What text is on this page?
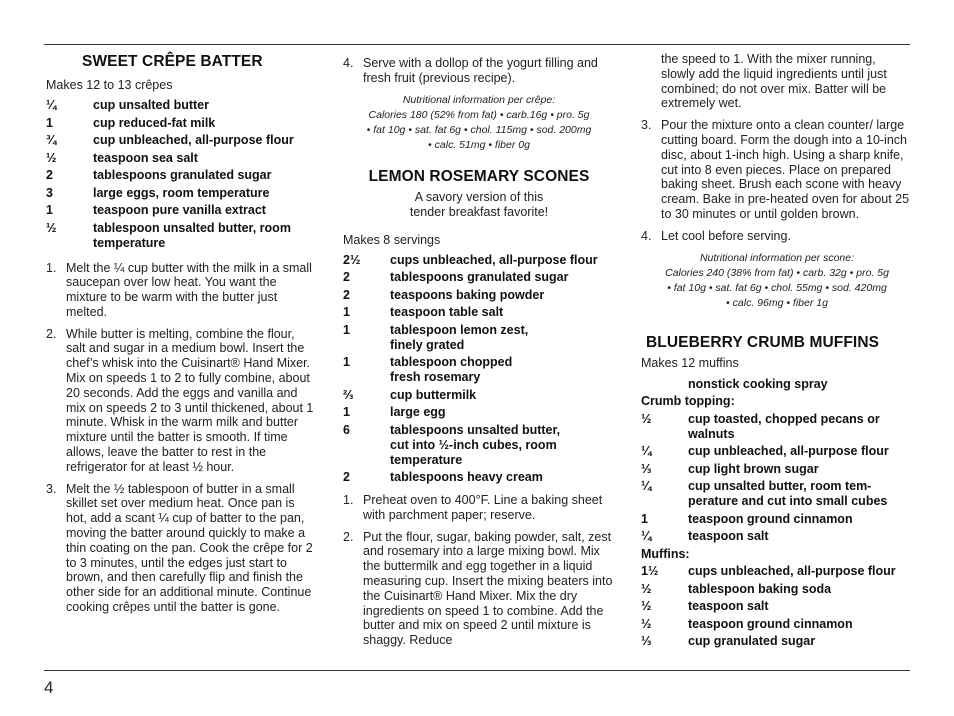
SWEET CRÊPE BATTER
Makes 12 to 13 crêpes
¼	cup unsalted butter
1	cup reduced-fat milk
¾	cup unbleached, all-purpose flour
½	teaspoon sea salt
2	tablespoons granulated sugar
3	large eggs, room temperature
1	teaspoon pure vanilla extract
½	tablespoon unsalted butter, room temperature
1. Melt the ¼ cup butter with the milk in a small saucepan over low heat. You want the mixture to be warm with the butter just melted.
2. While butter is melting, combine the flour, salt and sugar in a medium bowl. Insert the chef’s whisk into the Cuisinart® Hand Mixer. Mix on speeds 1 to 2 to fully combine, about 20 seconds. Add the eggs and vanilla and mix on speeds 2 to 3 until thickened, about 1 minute. Whisk in the warm milk and butter mixture until the batter is smooth. If time allows, leave the batter to rest in the refrigerator for at least ½ hour.
3. Melt the ½ tablespoon of butter in a small skillet set over medium heat. Once pan is hot, add a scant ¼ cup of batter to the pan, moving the batter around quickly to make a thin coating on the pan. Cook the crêpe for 2 to 3 minutes, until the edges just start to brown, and then carefully flip and finish the other side for an additional minute. Continue cooking crêpes until the batter is gone.
4. Serve with a dollop of the yogurt filling and fresh fruit (previous recipe).

Nutritional information per crêpe:

Calories 180 (52% from fat) • carb.16g • pro. 5g

• fat 10g • sat. fat 6g • chol. 115mg • sod. 200mg

• calc. 51mg • fiber 0g

LEMON ROSEMARY SCONES
A savory version of this
tender breakfast favorite!
Makes 8 servings
2½	cups unbleached, all-purpose flour
2	tablespoons granulated sugar
2	teaspoons baking powder
1	teaspoon table salt
1	tablespoon lemon zest, finely grated
1	tablespoon chopped fresh rosemary
⅔	cup buttermilk
1	large egg
6	tablespoons unsalted butter, cut into ½-inch cubes, room temperature
2	tablespoons heavy cream
1. Preheat oven to 400°F. Line a baking sheet with parchment paper; reserve.
2. Put the flour, sugar, baking powder, salt, zest and rosemary into a large mixing bowl. Mix the buttermilk and egg together in a liquid measuring cup. Insert the mixing beaters into the Cuisinart® Hand Mixer. Mix the dry ingredients on speed 1 to combine. Add the butter and mix on speed 2 until mixture is shaggy. Reduce
the speed to 1. With the mixer running, slowly add the liquid ingredients until just combined; do not over mix. Batter will be extremely wet.
3. Pour the mixture onto a clean counter/ large cutting board. Form the dough into a 10-inch disc, about 1-inch high. Using a sharp knife, cut into 8 even pieces. Place on prepared baking sheet. Brush each scone with heavy cream. Bake in pre-heated oven for about 25 to 30 minutes or until golden brown.
4. Let cool before serving.

Nutritional information per scone:

Calories 240 (38% from fat) • carb. 32g • pro. 5g

• fat 10g • sat. fat 6g • chol. 55mg • sod. 420mg

• calc. 96mg • fiber 1g

BLUEBERRY CRUMB MUFFINS
Makes 12 muffins
nonstick cooking spray
Crumb topping:
½	cup toasted, chopped pecans or walnuts
¼	cup unbleached, all-purpose flour
⅓	cup light brown sugar
¼	cup unsalted butter, room tem-perature and cut into small cubes
1	teaspoon ground cinnamon
¼	teaspoon salt
Muffins:
1½	cups unbleached, all-purpose flour
½	tablespoon baking soda
½	teaspoon salt
½	teaspoon ground cinnamon
⅓	cup granulated sugar
4
